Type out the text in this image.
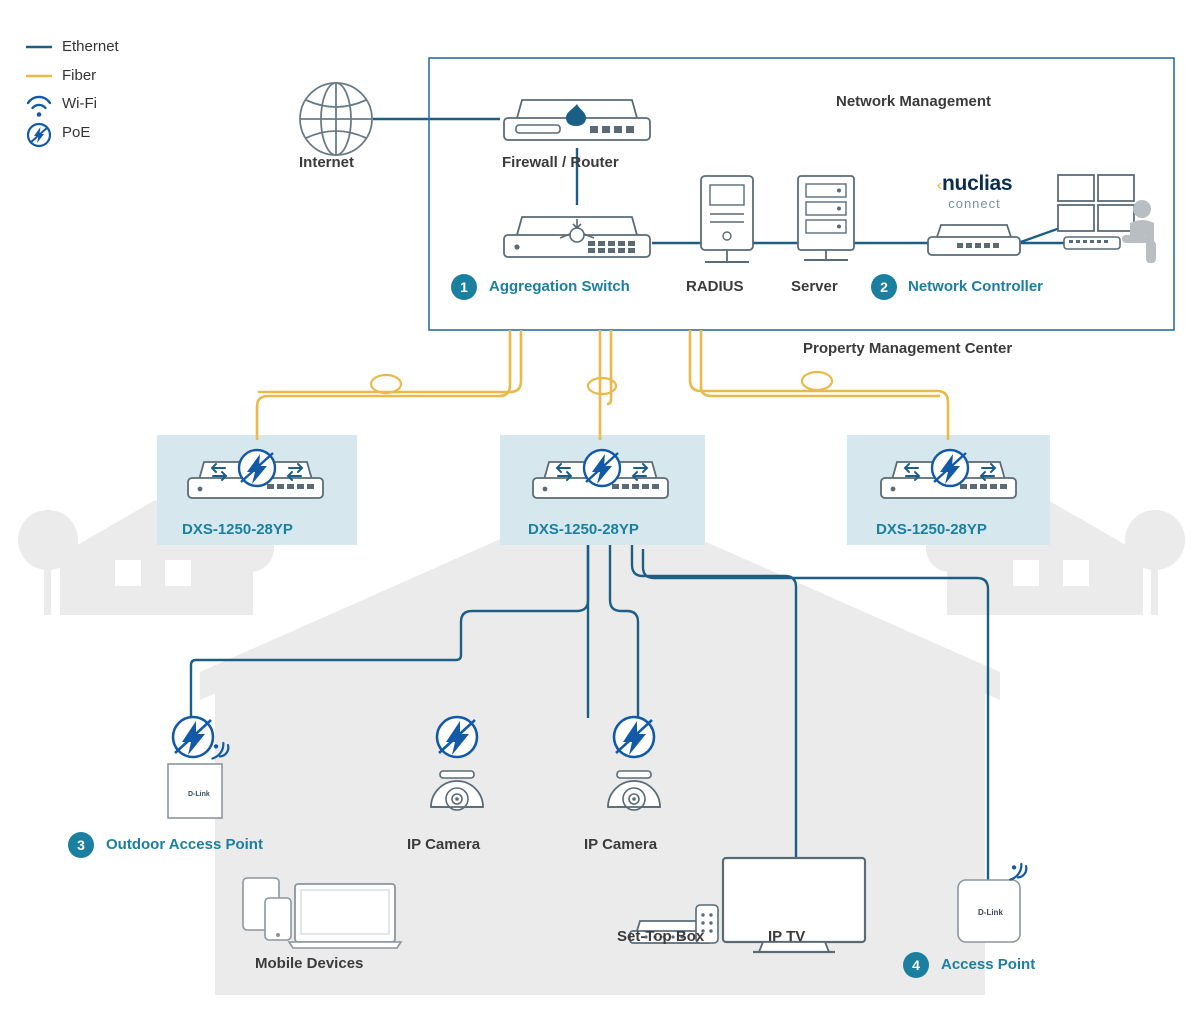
Ethernet
Fiber
Wi-Fi
PoE
D-Link
D-Link
‹nuclias
connect
Network Management
Property Management Center
Internet	Firewall / Router
1	Aggregation Switch	RADIUS	Server	2	Network Controller
DXS-1250-28YP	DXS-1250-28YP	DXS-1250-28YP
3	Outdoor Access Point	IP Camera	IP Camera
Mobile Devices
Set-Top Box	IP TV
4	Access Point
